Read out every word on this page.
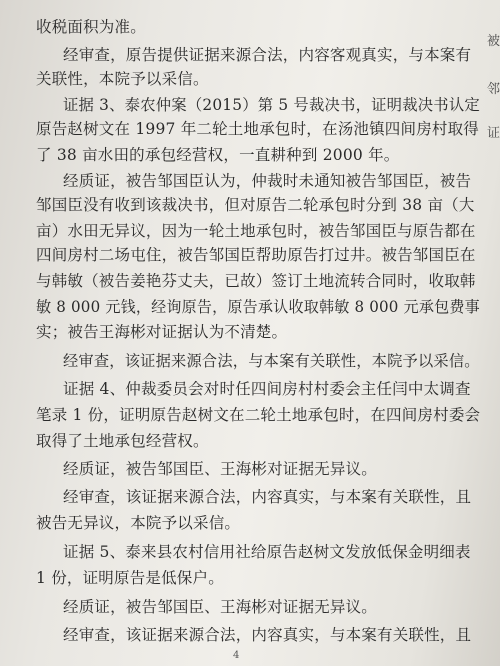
收税面积为准。
经审查，原告提供证据来源合法，内容客观真实，与本案有
关联性，本院予以采信。
证据 3、泰农仲案（2015）第 5 号裁决书，证明裁决书认定
原告赵树文在 1997 年二轮土地承包时，在汤池镇四间房村取得
了 38 亩水田的承包经营权，一直耕种到 2000 年。
经质证，被告邹国臣认为，仲裁时未通知被告邹国臣，被告
邹国臣没有收到该裁决书，但对原告二轮承包时分到 38 亩（大
亩）水田无异议，因为一轮土地承包时，被告邹国臣与原告都在
四间房村二场屯住，被告邹国臣帮助原告打过井。被告邹国臣在
与韩敏（被告姜艳芬丈夫，已故）签订土地流转合同时，收取韩
敏 8 000 元钱，经询原告，原告承认收取韩敏 8 000 元承包费事
实；被告王海彬对证据认为不清楚。
经审查，该证据来源合法，与本案有关联性，本院予以采信。
证据 4、仲裁委员会对时任四间房村村委会主任闫中太调查
笔录 1 份，证明原告赵树文在二轮土地承包时，在四间房村委会
取得了土地承包经营权。
经质证，被告邹国臣、王海彬对证据无异议。
经审查，该证据来源合法，内容真实，与本案有关联性，且
被告无异议，本院予以采信。
证据 5、泰来县农村信用社给原告赵树文发放低保金明细表
1 份，证明原告是低保户。
经质证，被告邹国臣、王海彬对证据无异议。
经审查，该证据来源合法，内容真实，与本案有关联性，且
被
邻
证
4
